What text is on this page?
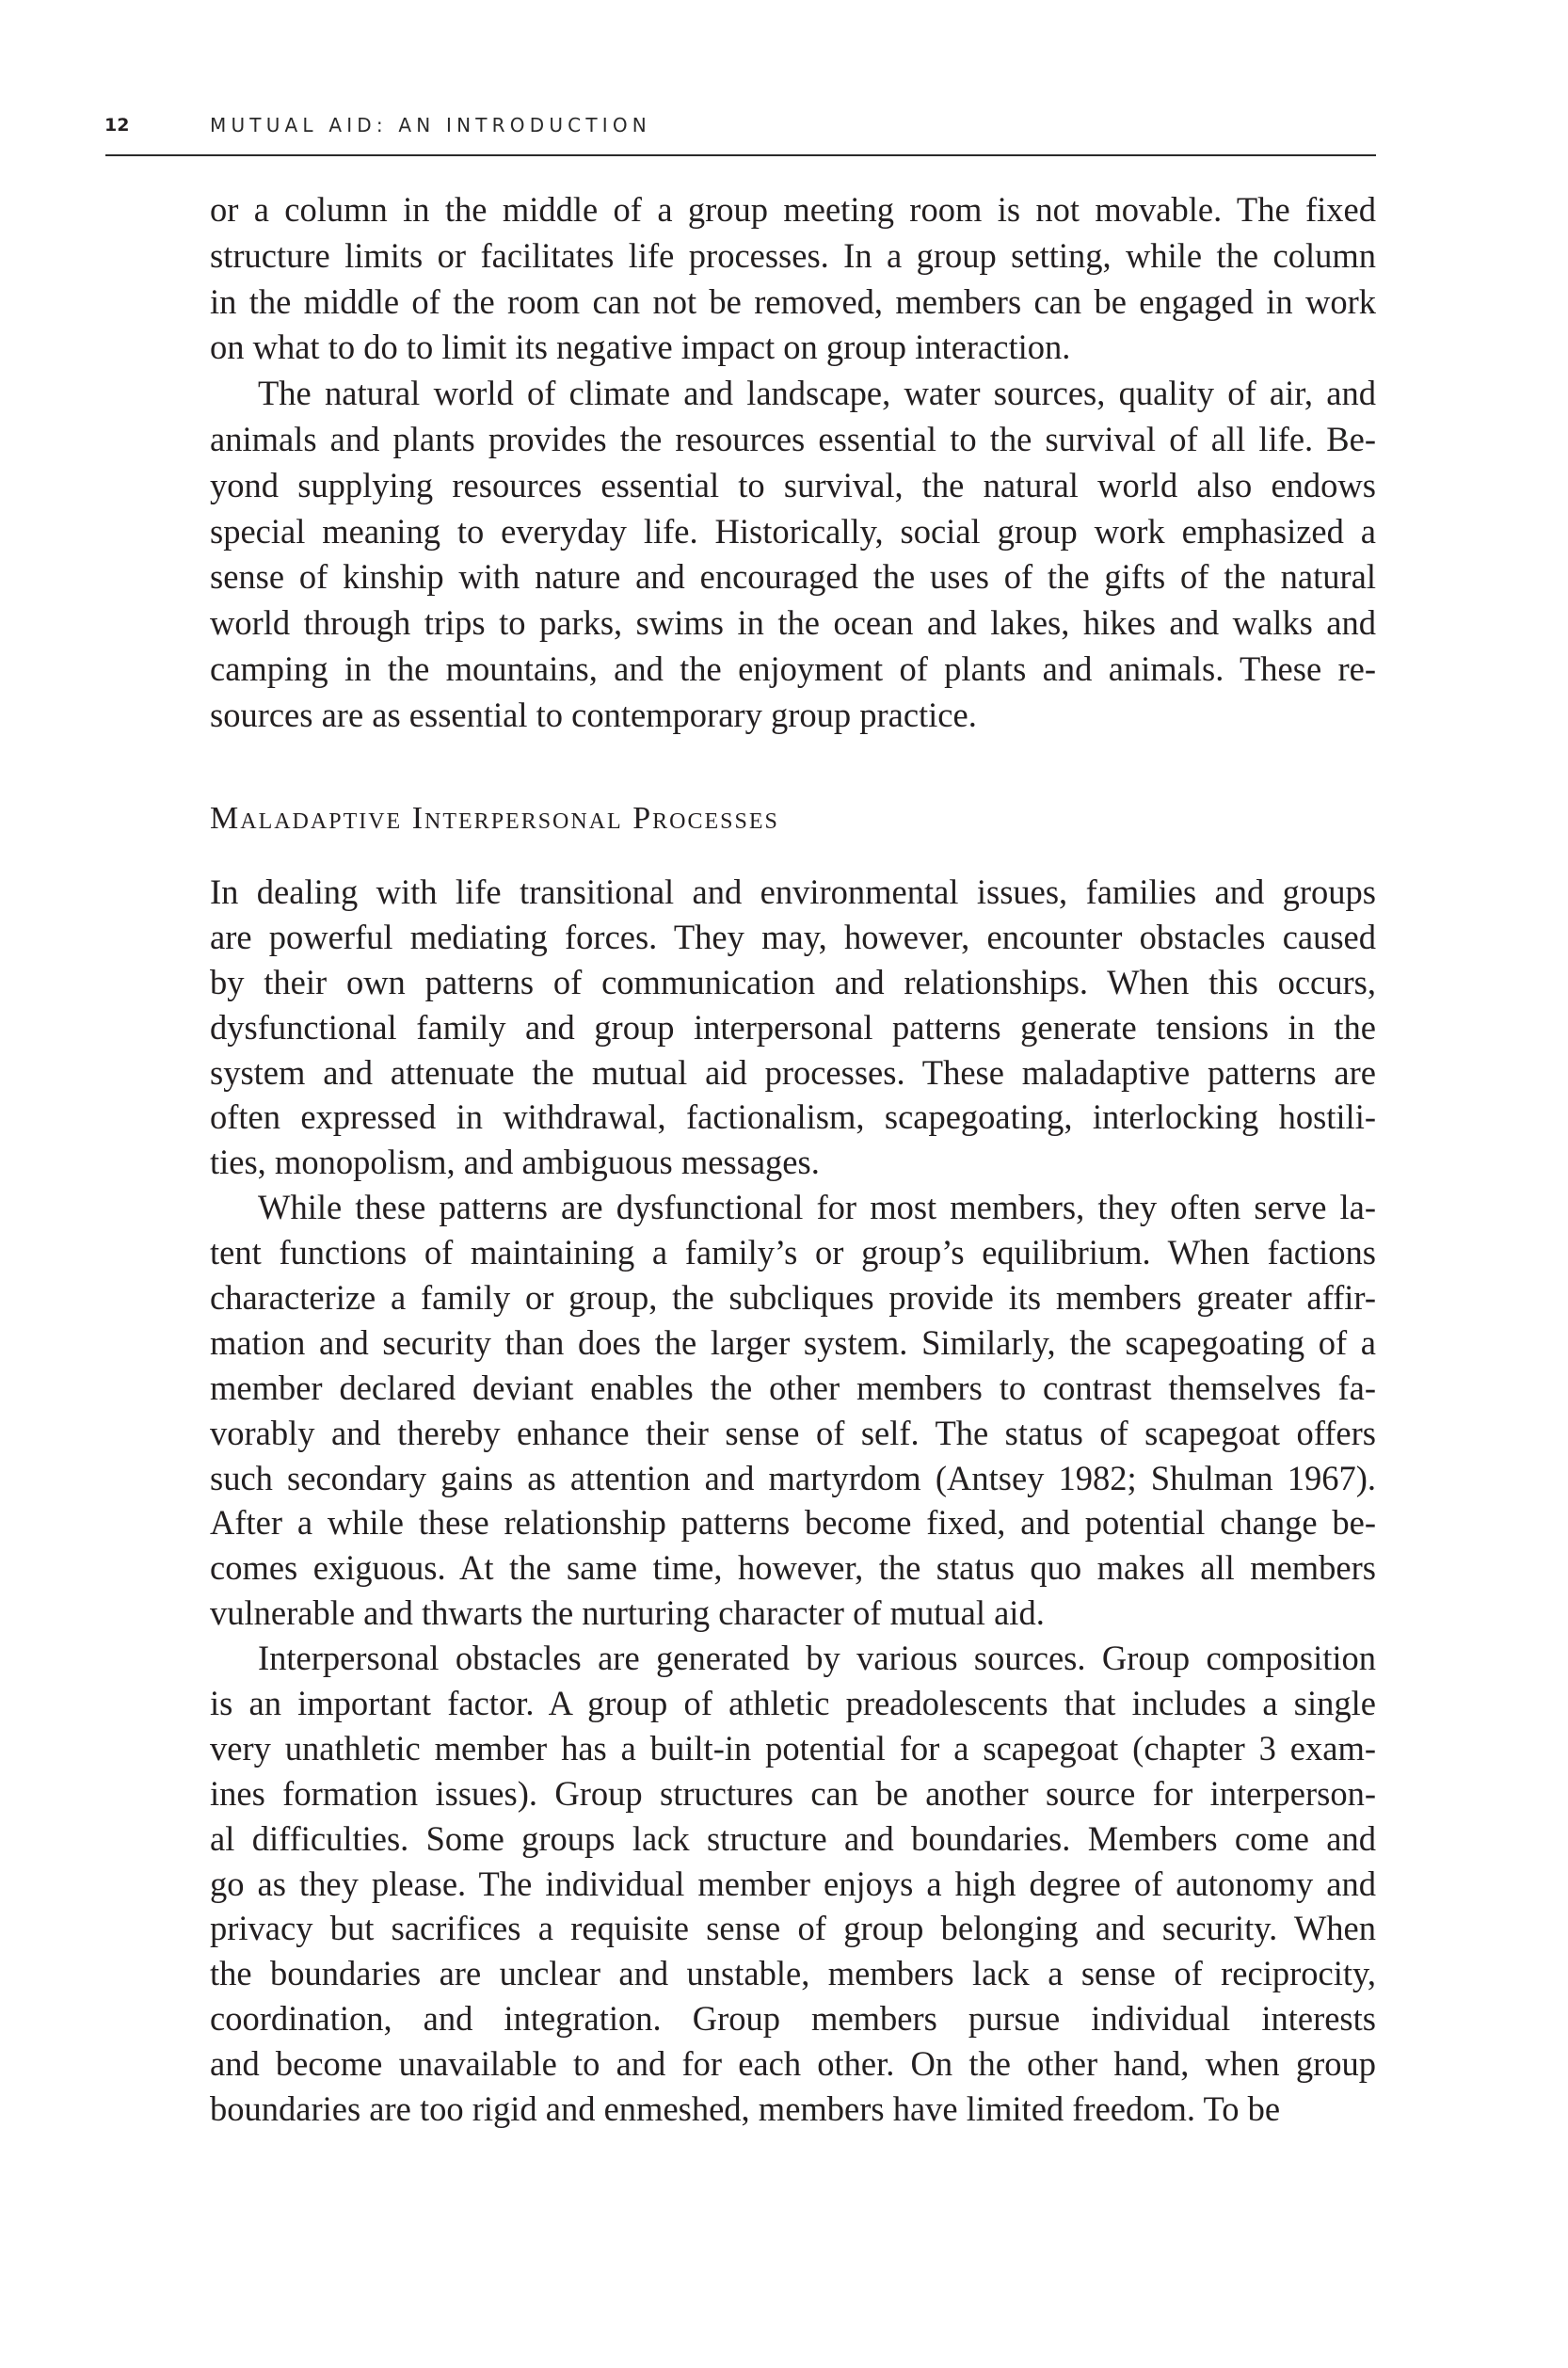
12	MUTUAL AID: AN INTRODUCTION
or a column in the middle of a group meeting room is not movable. The fixed
structure limits or facilitates life processes. In a group setting, while the column
in the middle of the room can not be removed, members can be engaged in work
on what to do to limit its negative impact on group interaction.
The natural world of climate and landscape, water sources, quality of air, and
animals and plants provides the resources essential to the survival of all life. Be-
yond supplying resources essential to survival, the natural world also endows
special meaning to everyday life. Historically, social group work emphasized a
sense of kinship with nature and encouraged the uses of the gifts of the natural
world through trips to parks, swims in the ocean and lakes, hikes and walks and
camping in the mountains, and the enjoyment of plants and animals. These re-
sources are as essential to contemporary group practice.
Maladaptive Interpersonal Processes
In dealing with life transitional and environmental issues, families and groups
are powerful mediating forces. They may, however, encounter obstacles caused
by their own patterns of communication and relationships. When this occurs,
dysfunctional family and group interpersonal patterns generate tensions in the
system and attenuate the mutual aid processes. These maladaptive patterns are
often expressed in withdrawal, factionalism, scapegoating, interlocking hostili-
ties, monopolism, and ambiguous messages.
While these patterns are dysfunctional for most members, they often serve la-
tent functions of maintaining a family’s or group’s equilibrium. When factions
characterize a family or group, the subcliques provide its members greater affir-
mation and security than does the larger system. Similarly, the scapegoating of a
member declared deviant enables the other members to contrast themselves fa-
vorably and thereby enhance their sense of self. The status of scapegoat offers
such secondary gains as attention and martyrdom (Antsey 1982; Shulman 1967).
After a while these relationship patterns become fixed, and potential change be-
comes exiguous. At the same time, however, the status quo makes all members
vulnerable and thwarts the nurturing character of mutual aid.
Interpersonal obstacles are generated by various sources. Group composition
is an important factor. A group of athletic preadolescents that includes a single
very unathletic member has a built-in potential for a scapegoat (chapter 3 exam-
ines formation issues). Group structures can be another source for interperson-
al difficulties. Some groups lack structure and boundaries. Members come and
go as they please. The individual member enjoys a high degree of autonomy and
privacy but sacrifices a requisite sense of group belonging and security. When
the boundaries are unclear and unstable, members lack a sense of reciprocity,
coordination, and integration. Group members pursue individual interests
and become unavailable to and for each other. On the other hand, when group
boundaries are too rigid and enmeshed, members have limited freedom. To be
